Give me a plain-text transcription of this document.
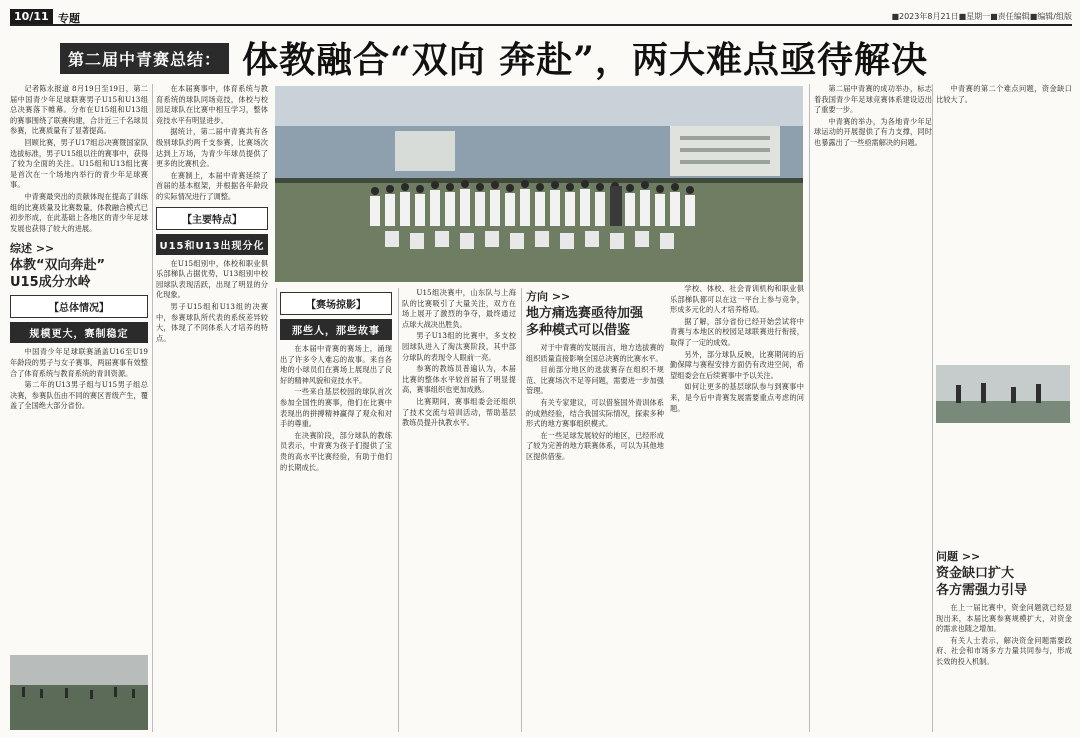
10/11 专题	■2023年8月21日■星期一■责任编辑■编辑/组版
第二届中青赛总结： 体教融合“双向 奔赴”，两大难点亟待解决

记者陈永报道 8月19日至19日，第二届中国青少年足球联赛男子U15和U13组总决赛落下帷幕。分布在U15组和U13组的赛事围绕了联赛构建，合计近三千名球员参赛，比赛质量有了显著提高。

回顾比赛，男子U17组总决赛暨国家队选拔标准，男子U15组以往的赛事中，获得了较为全面的关注。U15组和U13组比赛是首次在一个场地内举行的青少年足球赛事。

中青赛最突出的贡献体现在提高了训练组的比赛质量及比赛数量，体教融合模式已初步形成，在此基础上各地区的青少年足球发展也获得了较大的进展。

综述 >>
体教“双向奔赴”
U15成分水岭
【总体情况】
规模更大，赛制稳定

中国青少年足球联赛涵盖U16至U19年龄段的男子与女子赛事，两届赛事有效整合了体育系统与教育系统的青训资源。

第二年的U13男子组与U15男子组总决赛，参赛队伍由不同的赛区晋级产生，覆盖了全国绝大部分省份。

在本届赛事中，体育系统与教育系统的球队同场竞技，体校与校园足球队在比赛中相互学习，整体竞技水平有明显进步。

据统计，第二届中青赛共有各级别球队约两千支参赛，比赛场次达到上万场，为青少年球员提供了更多的比赛机会。

在赛制上，本届中青赛延续了首届的基本框架，并根据各年龄段的实际情况进行了调整。

【主要特点】
U15和U13出现分化

在U15组别中，体校和职业俱乐部梯队占据优势，U13组别中校园球队表现活跃，出现了明显的分化现象。

男子U15组和U13组的决赛中，参赛球队所代表的系统差异较大，体现了不同体系人才培养的特点。

【赛场掠影】
那些人，那些故事

在本届中青赛的赛场上，涌现出了许多令人难忘的故事。来自各地的小球员们在赛场上展现出了良好的精神风貌和竞技水平。

一些来自基层校园的球队首次参加全国性的赛事，他们在比赛中表现出的拼搏精神赢得了观众和对手的尊重。

在决赛阶段，部分球队的教练员表示，中青赛为孩子们提供了宝贵的高水平比赛经验，有助于他们的长期成长。

U15组决赛中，山东队与上海队的比赛吸引了大量关注，双方在场上展开了激烈的争夺，最终通过点球大战决出胜负。

男子U13组的比赛中，多支校园球队进入了淘汰赛阶段，其中部分球队的表现令人眼前一亮。

参赛的教练员普遍认为，本届比赛的整体水平较首届有了明显提高，赛事组织也更加成熟。

比赛期间，赛事组委会还组织了技术交流与培训活动，帮助基层教练员提升执教水平。

方向 >>
地方痛选赛亟待加强
多种模式可以借鉴

对于中青赛的发展而言，地方选拔赛的组织质量直接影响全国总决赛的比赛水平。

目前部分地区的选拔赛存在组织不规范、比赛场次不足等问题，需要进一步加强管理。

有关专家建议，可以借鉴国外青训体系的成熟经验，结合我国实际情况，探索多种形式的地方赛事组织模式。

在一些足球发展较好的地区，已经形成了较为完善的地方联赛体系，可以为其他地区提供借鉴。

学校、体校、社会青训机构和职业俱乐部梯队都可以在这一平台上参与竞争，形成多元化的人才培养格局。

据了解，部分省份已经开始尝试将中青赛与本地区的校园足球联赛进行衔接，取得了一定的成效。

另外，部分球队反映，比赛期间的后勤保障与赛程安排方面仍有改进空间，希望组委会在后续赛事中予以关注。

如何让更多的基层球队参与到赛事中来，是今后中青赛发展需要重点考虑的问题。

第二届中青赛的成功举办，标志着我国青少年足球竞赛体系建设迈出了重要一步。

中青赛的举办，为各地青少年足球运动的开展提供了有力支撑，同时也暴露出了一些亟需解决的问题。

中青赛的第二个难点问题，资金缺口比较大了。

问题 >>
资金缺口扩大
各方需强力引导

在上一届比赛中，资金问题就已经显现出来，本届比赛参赛规模扩大，对资金的需求也随之增加。

有关人士表示，解决资金问题需要政府、社会和市场多方力量共同参与，形成长效的投入机制。
